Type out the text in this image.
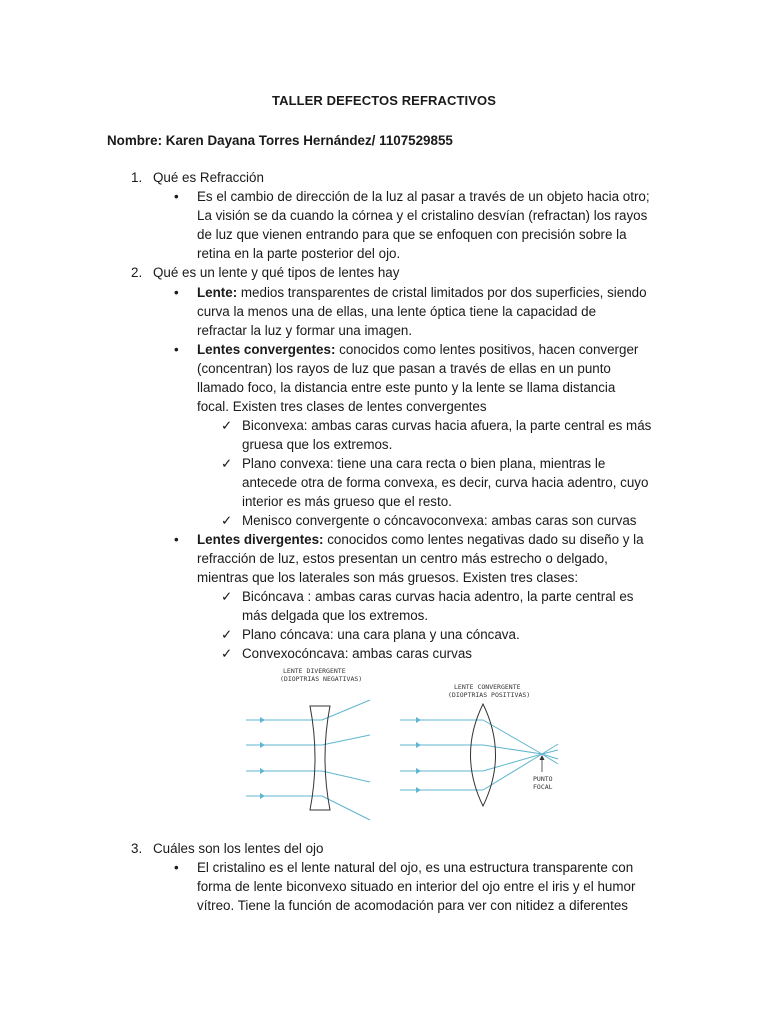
TALLER DEFECTOS REFRACTIVOS
Nombre: Karen Dayana Torres Hernández/ 1107529855
1. Qué es Refracción
• Es el cambio de dirección de la luz al pasar a través de un objeto hacia otro;
La visión se da cuando la córnea y el cristalino desvían (refractan) los rayos
de luz que vienen entrando para que se enfoquen con precisión sobre la
retina en la parte posterior del ojo.
2. Qué es un lente y qué tipos de lentes hay
• Lente: medios transparentes de cristal limitados por dos superficies, siendo
curva la menos una de ellas, una lente óptica tiene la capacidad de
refractar la luz y formar una imagen.
• Lentes convergentes: conocidos como lentes positivos, hacen converger
(concentran) los rayos de luz que pasan a través de ellas en un punto
llamado foco, la distancia entre este punto y la lente se llama distancia
focal. Existen tres clases de lentes convergentes
✓ Biconvexa: ambas caras curvas hacia afuera, la parte central es más
gruesa que los extremos.
✓ Plano convexa: tiene una cara recta o bien plana, mientras le
antecede otra de forma convexa, es decir, curva hacia adentro, cuyo
interior es más grueso que el resto.
✓ Menisco convergente o cóncavoconvexa: ambas caras son curvas
• Lentes divergentes: conocidos como lentes negativas dado su diseño y la
refracción de luz, estos presentan un centro más estrecho o delgado,
mientras que los laterales son más gruesos. Existen tres clases:
✓ Bicóncava : ambas caras curvas hacia adentro, la parte central es
más delgada que los extremos.
✓ Plano cóncava: una cara plana y una cóncava.
✓ Convexocóncava: ambas caras curvas
LENTE DIVERGENTE
(DIOPTRIAS NEGATIVAS)
LENTE CONVERGENTE
(DIOPTRIAS POSITIVAS)
PUNTO
FOCAL
3. Cuáles son los lentes del ojo
• El cristalino es el lente natural del ojo, es una estructura transparente con
forma de lente biconvexo situado en interior del ojo entre el iris y el humor
vítreo. Tiene la función de acomodación para ver con nitidez a diferentes
